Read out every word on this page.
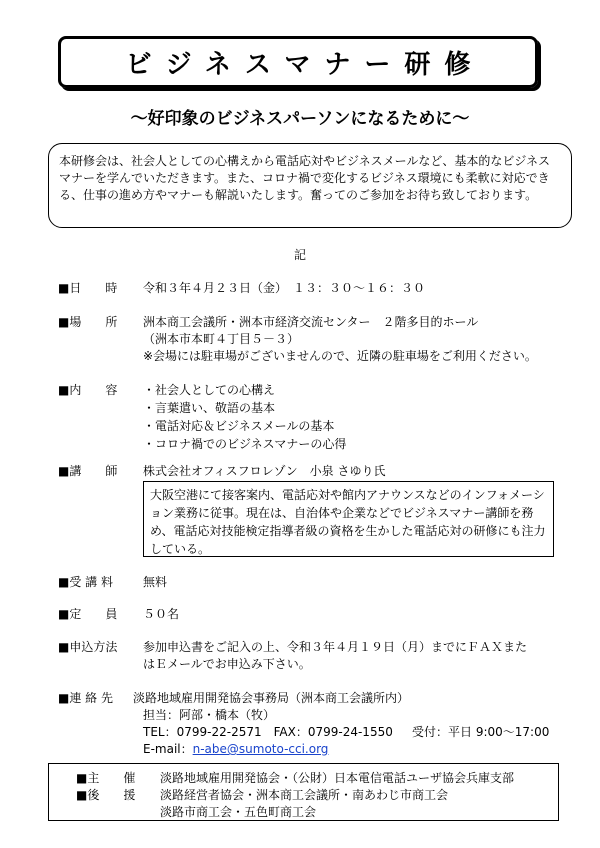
ビジネスマナー研修
～好印象のビジネスパーソンになるために～
本研修会は、社会人としての心構えから電話応対やビジネスメールなど、基本的なビジネスマナーを学んでいただきます。また、コロナ禍で変化するビジネス環境にも柔軟に対応できる、仕事の進め方やマナーも解説いたします。奮ってのご参加をお待ち致しております。
記
■日　　時 令和３年４月２３日（金）　１３：３０～１６：３０
■場　　所 洲本商工会議所・洲本市経済交流センター　２階多目的ホール
（洲本市本町４丁目５－３）
※会場には駐車場がございませんので、近隣の駐車場をご利用ください。
■内　　容 ・社会人としての心構え
・言葉遣い、敬語の基本
・電話対応＆ビジネスメールの基本
・コロナ禍でのビジネスマナーの心得
■講　　師 株式会社オフィスフロレゾン　小泉 さゆり氏
大阪空港にて接客案内、電話応対や館内アナウンスなどのインフォメーション業務に従事。現在は、自治体や企業などでビジネスマナー講師を務め、電話応対技能検定指導者級の資格を生かした電話応対の研修にも注力している。
■受 講 料	無料
■定　　員 ５０名
■申込方法 参加申込書をご記入の上、令和３年４月１９日（月）までにＦＡＸまた
はＥメールでお申込み下さい。
■連 絡 先 淡路地域雇用開発協会事務局（洲本商工会議所内）
担当：阿部・橋本（牧）
TEL：0799-22-2571　FAX：0799-24-1550 受付：平日 9:00～17:00
E-mail：n-abe@sumoto-cci.org
■主　　催 淡路地域雇用開発協会・（公財）日本電信電話ユーザ協会兵庫支部
■後　　援 淡路経営者協会・洲本商工会議所・南あわじ市商工会
淡路市商工会・五色町商工会
